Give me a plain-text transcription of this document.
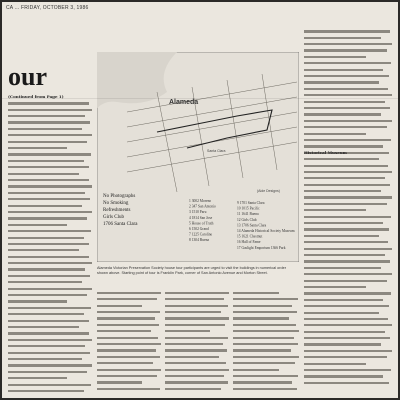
CA ... FRIDAY, OCTOBER 3, 1986
our
(Continued from Page 1)
Alameda
Santa Clara
(Aide Designs)
No Photographs
No Smoking
Refreshments
Girls Club
1706 Santa Clara
1 3002 Moreno
2 347 San Antonio
3 1510 Paru
4 1814 San Jose
5 House of Truth
6 1502 Grand
7 1225 Caroline
8 1304 Buena
9 1701 Santa Clara
10 1015 Pacific
11 1641 Buena
12 Girls Club
13 1706 Santa Clara
14 Alameda Historical Society Museum
15 1621 Chestnut
16 Hall of Fame
17 Gaslight Emporium 1366 Park
Alameda Victorian Preservation Society house tour participants are urged to visit the buildings in numerical order shown above. Starting point of tour is Franklin Park, corner of San Antonio Avenue and Morton Street.
Historical Museum
